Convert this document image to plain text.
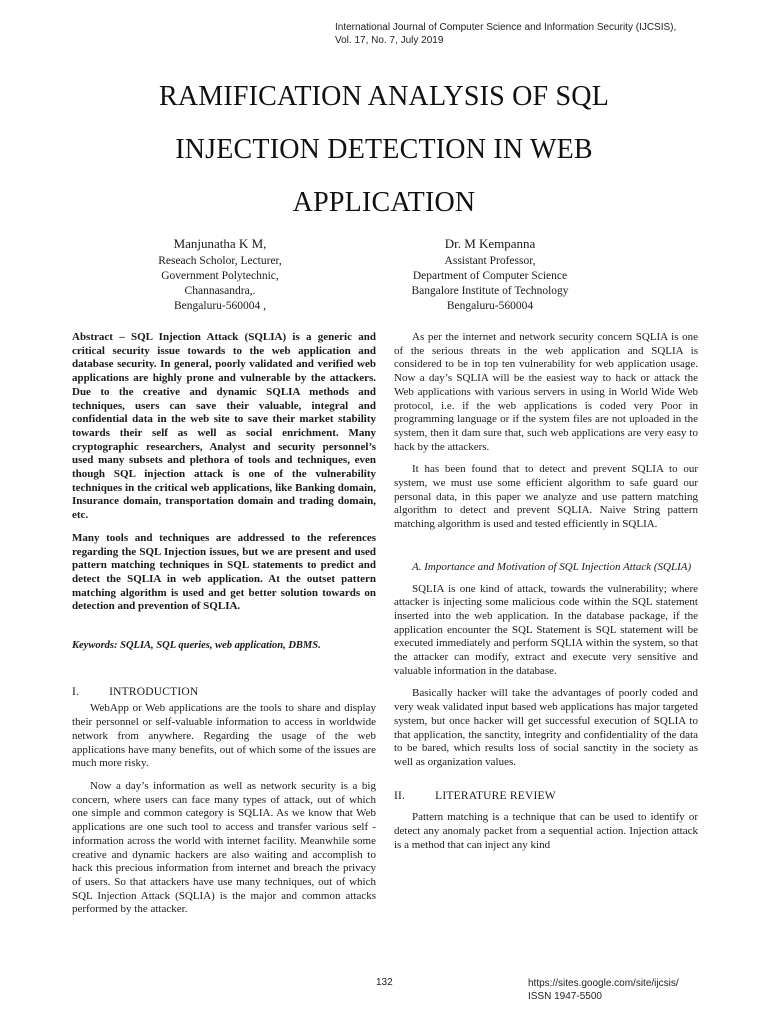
International Journal of Computer Science and Information Security (IJCSIS),
Vol. 17, No. 7, July 2019
RAMIFICATION ANALYSIS OF SQL
INJECTION DETECTION IN WEB
APPLICATION
Manjunatha K M,
Reseach Scholor, Lecturer,
Government Polytechnic,
Channasandra,.
Bengaluru-560004 ,
Dr. M Kempanna
Assistant Professor,
Department of Computer Science
Bangalore Institute of Technology
Bengaluru-560004

Abstract – SQL Injection Attack (SQLIA) is a generic and critical security issue towards to the web application and database security. In general, poorly validated and verified web applications are highly prone and vulnerable by the attackers. Due to the creative and dynamic SQLIA methods and techniques, users can save their valuable, integral and confidential data in the web site to save their market stability towards their self as well as social enrichment. Many cryptographic researchers, Analyst and security personnel’s used many subsets and plethora of tools and techniques, even though SQL injection attack is one of the vulnerability techniques in the critical web applications, like Banking domain, Insurance domain, transportation domain and trading domain, etc.

Many tools and techniques are addressed to the references regarding the SQL Injection issues, but we are present and used pattern matching techniques in SQL statements to predict and detect the SQLIA in web application. At the outset pattern matching algorithm is used and get better solution towards on detection and prevention of SQLIA.

Keywords: SQLIA, SQL queries, web application, DBMS.

I.	INTRODUCTION

WebApp or Web applications are the tools to share and display their personnel or self-valuable information to access in worldwide network from anywhere. Regarding the usage of the web applications have many benefits, out of which some of the issues are much more risky.

Now a day’s information as well as network security is a big concern, where users can face many types of attack, out of which one simple and common category is SQLIA. As we know that Web applications are one such tool to access and transfer various self -information across the world with internet facility. Meanwhile some creative and dynamic hackers are also waiting and accomplish to hack this precious information from internet and breach the privacy of users. So that attackers have use many techniques, out of which SQL Injection Attack (SQLIA) is the major and common attacks performed by the attacker.

As per the internet and network security concern SQLIA is one of the serious threats in the web application and SQLIA is considered to be in top ten vulnerability for web application usage. Now a day’s SQLIA will be the easiest way to hack or attack the Web applications with various servers in using in World Wide Web protocol, i.e. if the web applications is coded very Poor in programming language or if the system files are not uploaded in the system, then it dam sure that, such web applications are very easy to hack by the attackers.

It has been found that to detect and prevent SQLIA to our system, we must use some efficient algorithm to safe guard our personal data, in this paper we analyze and use pattern matching algorithm to detect and prevent SQLIA. Naive String pattern matching algorithm is used and tested efficiently in SQLIA.

A. Importance and Motivation of SQL Injection Attack (SQLIA)

SQLIA is one kind of attack, towards the vulnerability; where attacker is injecting some malicious code within the SQL statement inserted into the web application. In the database package, if the application encounter the SQL Statement is SQL statement will be executed immediately and perform SQLIA within the system, so that the attacker can modify, extract and execute very sensitive and valuable information in the database.

Basically hacker will take the advantages of poorly coded and very weak validated input based web applications has major targeted system, but once hacker will get successful execution of SQLIA to that application, the sanctity, integrity and confidentiality of the data to be bared, which results loss of social sanctity in the society as well as organization values.

II.	LITERATURE REVIEW

Pattern matching is a technique that can be used to identify or detect any anomaly packet from a sequential action. Injection attack is a method that can inject any kind

132	https://sites.google.com/site/ijcsis/
ISSN 1947-5500
